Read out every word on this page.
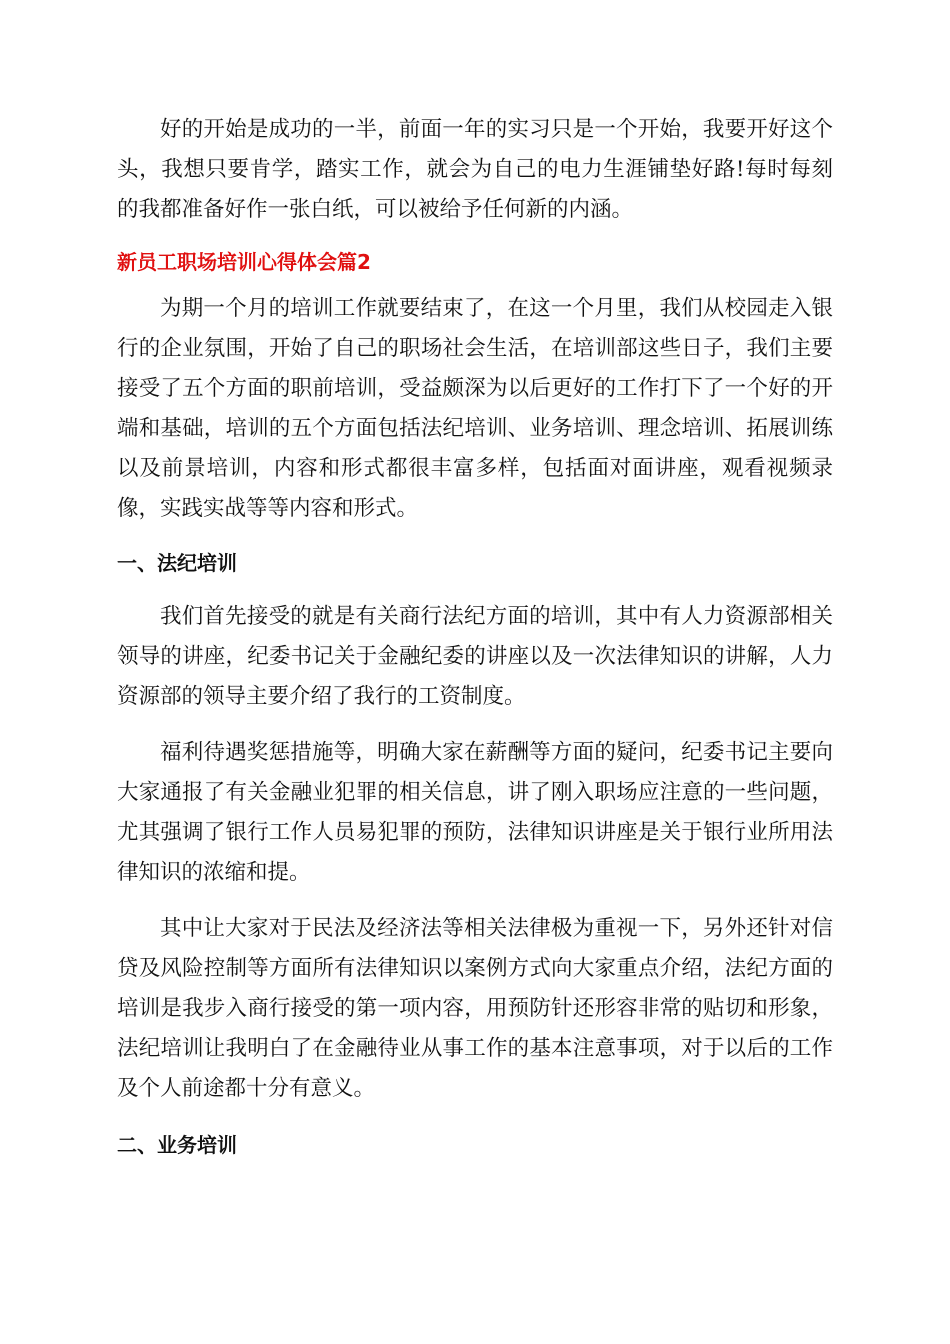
好的开始是成功的一半，前面一年的实习只是一个开始，我要开好这个头，我想只要肯学，踏实工作，就会为自己的电力生涯铺垫好路!每时每刻的我都准备好作一张白纸，可以被给予任何新的内涵。

新员工职场培训心得体会篇2

为期一个月的培训工作就要结束了，在这一个月里，我们从校园走入银行的企业氛围，开始了自己的职场社会生活，在培训部这些日子，我们主要接受了五个方面的职前培训，受益颇深为以后更好的工作打下了一个好的开端和基础，培训的五个方面包括法纪培训、业务培训、理念培训、拓展训练以及前景培训，内容和形式都很丰富多样，包括面对面讲座，观看视频录像，实践实战等等内容和形式。

一、法纪培训

我们首先接受的就是有关商行法纪方面的培训，其中有人力资源部相关领导的讲座，纪委书记关于金融纪委的讲座以及一次法律知识的讲解，人力资源部的领导主要介绍了我行的工资制度。

福利待遇奖惩措施等，明确大家在薪酬等方面的疑问，纪委书记主要向大家通报了有关金融业犯罪的相关信息，讲了刚入职场应注意的一些问题，尤其强调了银行工作人员易犯罪的预防，法律知识讲座是关于银行业所用法律知识的浓缩和提。

其中让大家对于民法及经济法等相关法律极为重视一下，另外还针对信贷及风险控制等方面所有法律知识以案例方式向大家重点介绍，法纪方面的培训是我步入商行接受的第一项内容，用预防针还形容非常的贴切和形象，法纪培训让我明白了在金融待业从事工作的基本注意事项，对于以后的工作及个人前途都十分有意义。

二、业务培训
